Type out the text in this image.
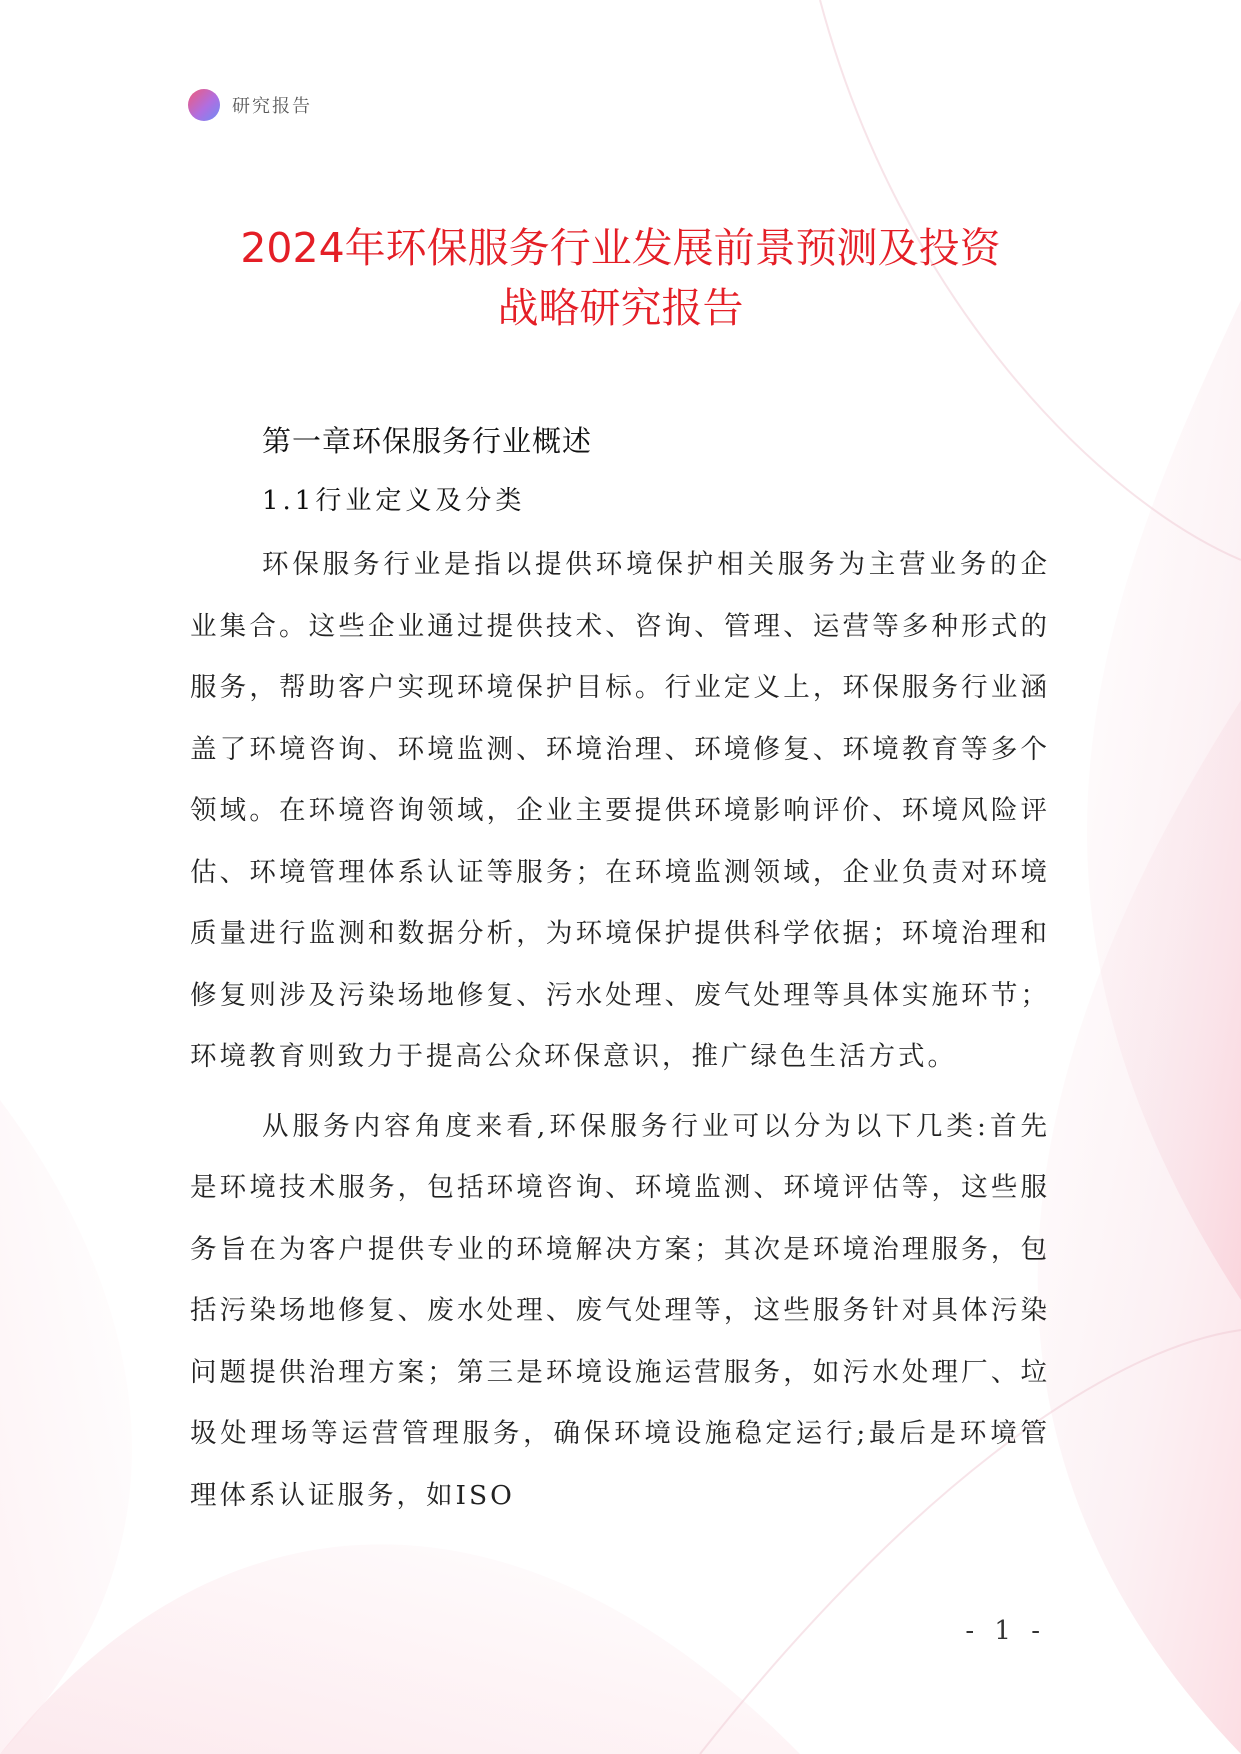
研究报告
2024年环保服务行业发展前景预测及投资
战略研究报告
第一章环保服务行业概述
1.1行业定义及分类

环保服务行业是指以提供环境保护相关服务为主营业务的企业集合。这些企业通过提供技术、咨询、管理、运营等多种形式的服务，帮助客户实现环境保护目标。行业定义上，环保服务行业涵盖了环境咨询、环境监测、环境治理、环境修复、环境教育等多个领域。在环境咨询领域，企业主要提供环境影响评价、环境风险评估、环境管理体系认证等服务；在环境监测领域，企业负责对环境质量进行监测和数据分析，为环境保护提供科学依据；环境治理和修复则涉及污染场地修复、污水处理、废气处理等具体实施环节；环境教育则致力于提高公众环保意识，推广绿色生活方式。

从服务内容角度来看,环保服务行业可以分为以下几类:首先是环境技术服务，包括环境咨询、环境监测、环境评估等，这些服务旨在为客户提供专业的环境解决方案；其次是环境治理服务，包括污染场地修复、废水处理、废气处理等，这些服务针对具体污染问题提供治理方案；第三是环境设施运营服务，如污水处理厂、垃圾处理场等运营管理服务，确保环境设施稳定运行;最后是环境管理体系认证服务，如ISO

- 1 -
